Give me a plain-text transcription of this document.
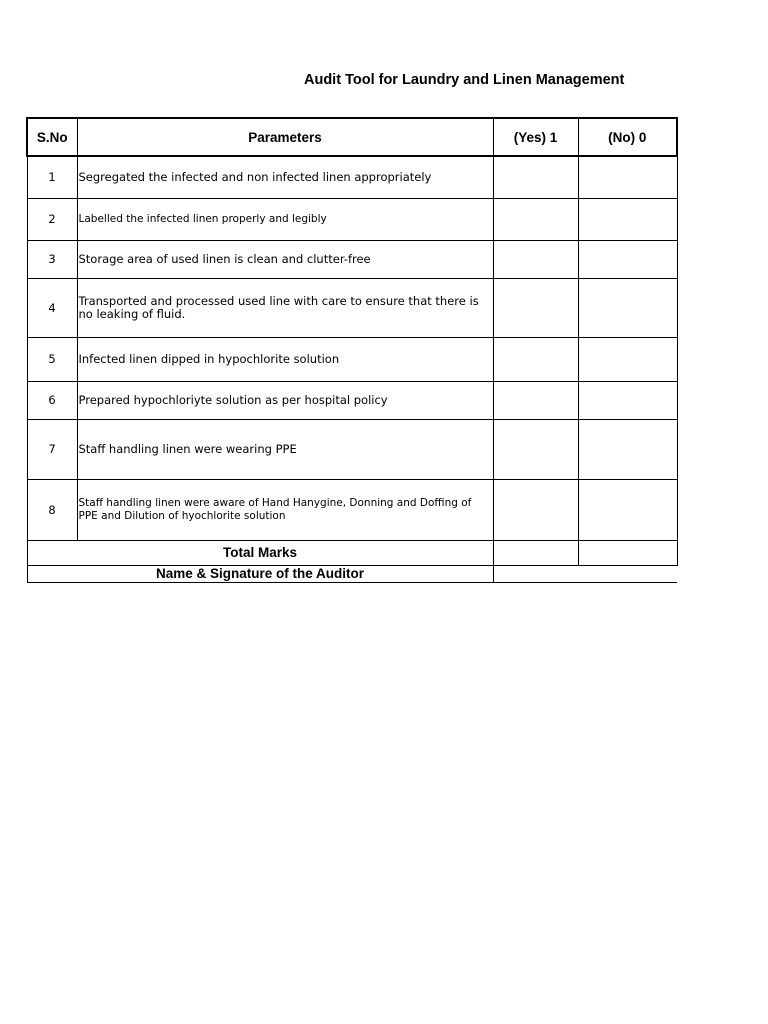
Audit Tool for Laundry and Linen Management
S.No	Parameters	(Yes) 1	(No) 0
1	Segregated the infected and non infected linen appropriately		
2	Labelled the infected linen properly and legibly		
3	Storage area of used linen is clean and clutter-free		
4	Transported and processed used line with care to ensure that there is no leaking of fluid.		
5	Infected linen dipped in hypochlorite solution		
6	Prepared hypochloriyte solution as per hospital policy		
7	Staff handling linen were wearing PPE		
8	Staff handling linen were aware of Hand Hanygine, Donning and Doffing of PPE and Dilution of hyochlorite solution		
Total Marks			
Name & Signature of the Auditor			
